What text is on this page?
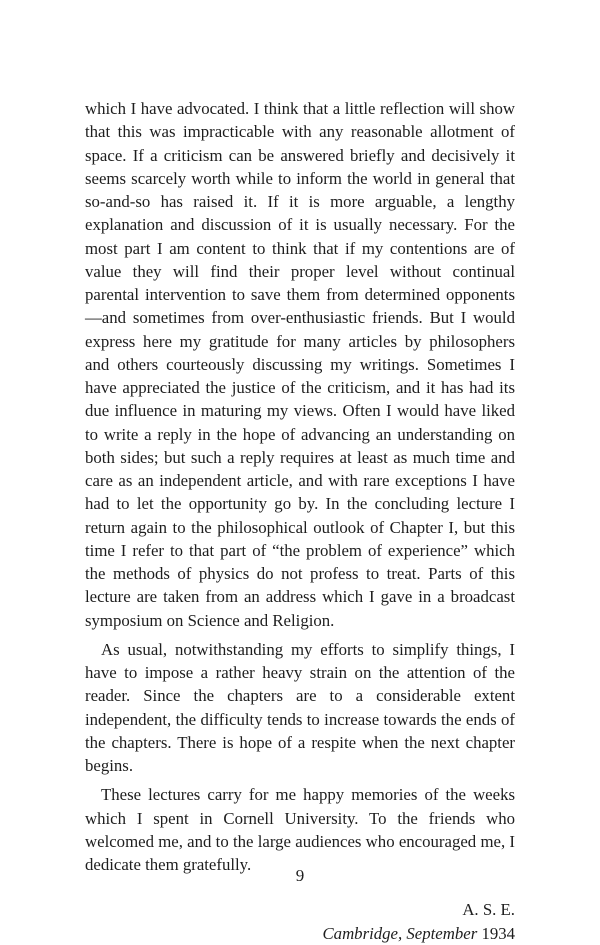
which I have advocated. I think that a little reflection will show that this was impracticable with any reasonable allotment of space. If a criticism can be answered briefly and decisively it seems scarcely worth while to inform the world in general that so-and-so has raised it. If it is more arguable, a lengthy explanation and discussion of it is usually necessary. For the most part I am content to think that if my contentions are of value they will find their proper level without continual parental intervention to save them from determined opponents—and sometimes from over-enthusiastic friends. But I would express here my gratitude for many articles by philosophers and others courteously discussing my writings. Sometimes I have appreciated the justice of the criticism, and it has had its due influence in maturing my views. Often I would have liked to write a reply in the hope of advancing an understanding on both sides; but such a reply requires at least as much time and care as an independent article, and with rare exceptions I have had to let the opportunity go by. In the concluding lecture I return again to the philosophical outlook of Chapter I, but this time I refer to that part of “the problem of experience” which the methods of physics do not profess to treat. Parts of this lecture are taken from an address which I gave in a broadcast symposium on Science and Religion.

As usual, notwithstanding my efforts to simplify things, I have to impose a rather heavy strain on the attention of the reader. Since the chapters are to a considerable extent independent, the difficulty tends to increase towards the ends of the chapters. There is hope of a respite when the next chapter begins.

These lectures carry for me happy memories of the weeks which I spent in Cornell University. To the friends who welcomed me, and to the large audiences who encouraged me, I dedicate them gratefully.

A. S. E.
Cambridge, September 1934
9
